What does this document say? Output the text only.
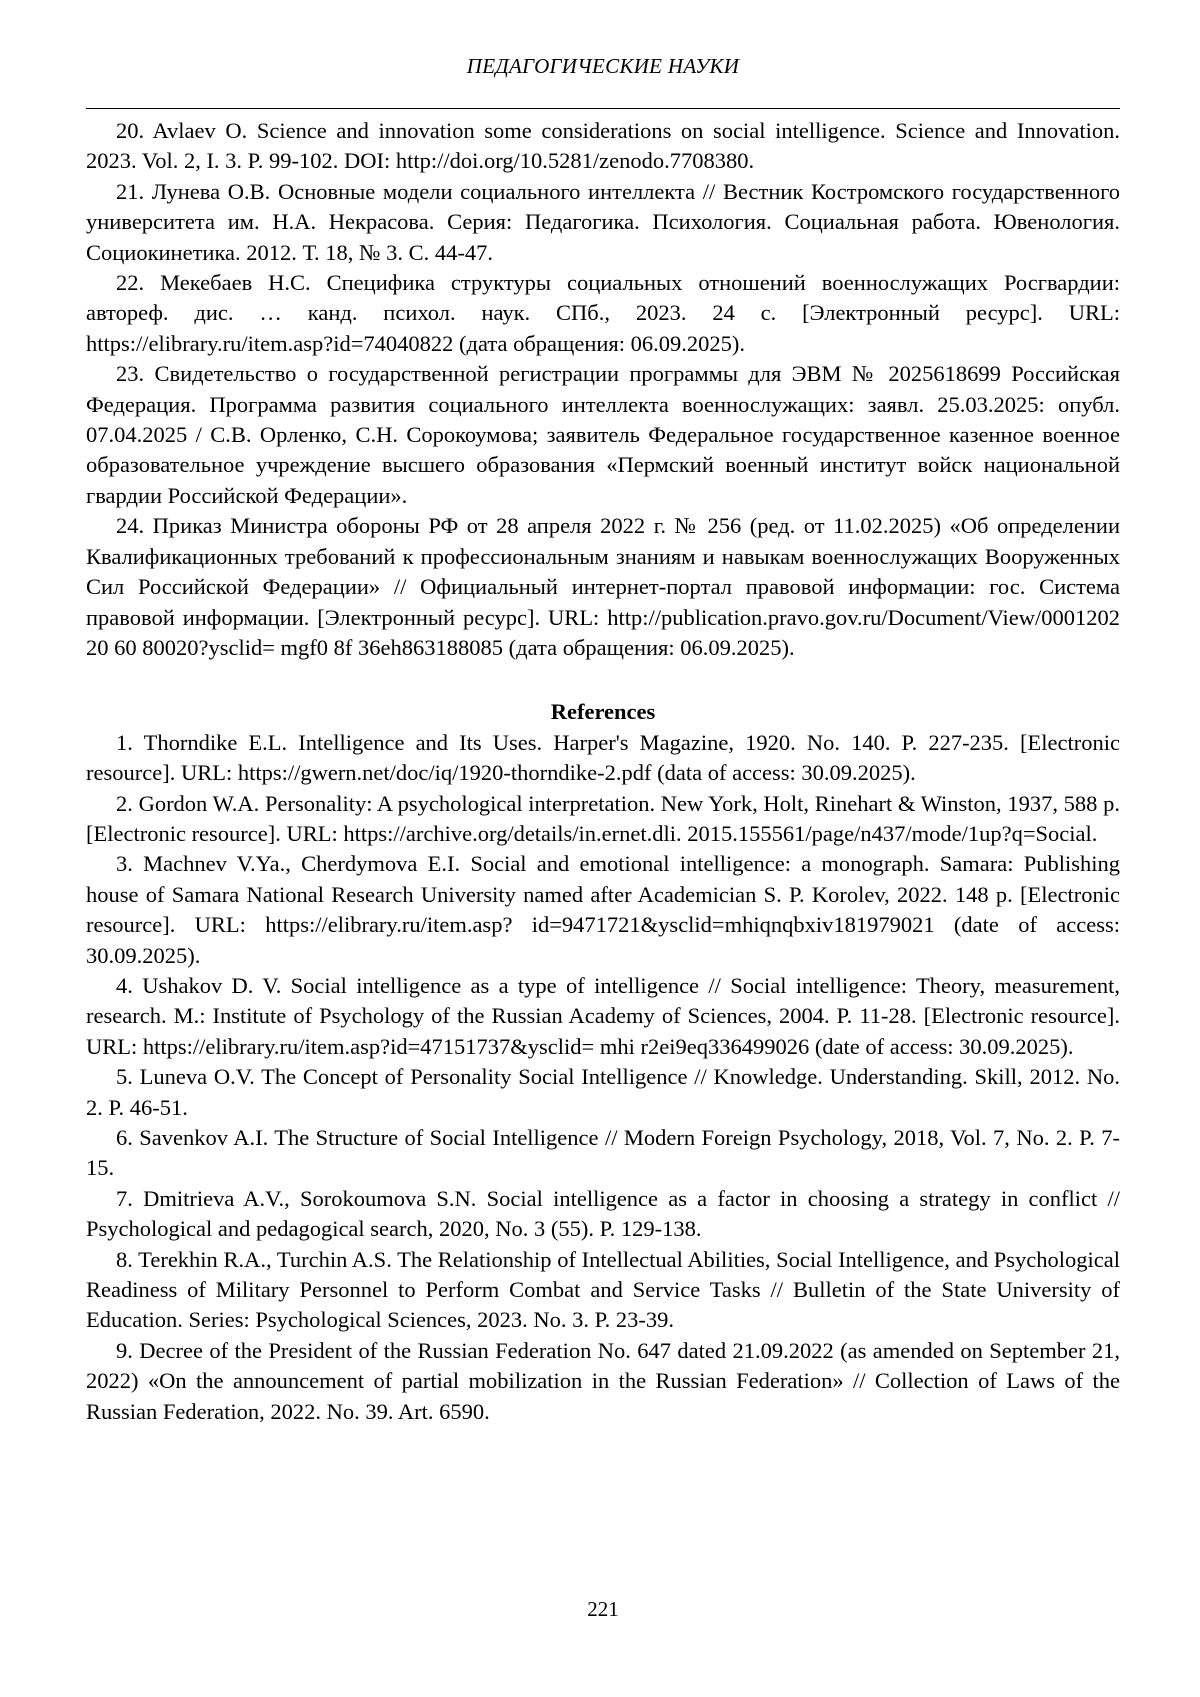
ПЕДАГОГИЧЕСКИЕ НАУКИ

20. Avlaev O. Science and innovation some considerations on social intelligence. Science and Innovation. 2023. Vol. 2, I. 3. P. 99-102. DOI: http://doi.org/10.5281/zenodo.7708380.

21. Лунева О.В. Основные модели социального интеллекта // Вестник Костромского государственного университета им. Н.А. Некрасова. Серия: Педагогика. Психология. Социальная работа. Ювенология. Социокинетика. 2012. Т. 18, № 3. С. 44-47.

22. Мекебаев Н.С. Специфика структуры социальных отношений военнослужащих Росгвардии: автореф. дис. … канд. психол. наук. СПб., 2023. 24 с. [Электронный ресурс]. URL: https://elibrary.ru/item.asp?id=74040822 (дата обращения: 06.09.2025).

23. Свидетельство о государственной регистрации программы для ЭВМ № 2025618699 Российская Федерация. Программа развития социального интеллекта военнослужащих: заявл. 25.03.2025: опубл. 07.04.2025 / С.В. Орленко, С.Н. Сорокоумова; заявитель Федеральное государственное казенное военное образовательное учреждение высшего образования «Пермский военный институт войск национальной гвардии Российской Федерации».

24. Приказ Министра обороны РФ от 28 апреля 2022 г. № 256 (ред. от 11.02.2025) «Об определении Квалификационных требований к профессиональным знаниям и навыкам военнослужащих Вооруженных Сил Российской Федерации» // Официальный интернет-портал правовой информации: гос. Система правовой информации. [Электронный ресурс]. URL: http://publication.pravo.gov.ru/Document/View/0001202 20 60 80020?ysclid= mgf0 8f 36eh863188085 (дата обращения: 06.09.2025).

References

1. Thorndike E.L. Intelligence and Its Uses. Harper's Magazine, 1920. No. 140. P. 227-235. [Electronic resource]. URL: https://gwern.net/doc/iq/1920-thorndike-2.pdf (data of access: 30.09.2025).

2. Gordon W.A. Personality: A psychological interpretation. New York, Holt, Rinehart & Winston, 1937, 588 p. [Electronic resource]. URL: https://archive.org/details/in.ernet.dli. 2015.155561/page/n437/mode/1up?q=Social.

3. Machnev V.Ya., Cherdymova E.I. Social and emotional intelligence: a monograph. Samara: Publishing house of Samara National Research University named after Academician S. P. Korolev, 2022. 148 p. [Electronic resource]. URL: https://elibrary.ru/item.asp? id=9471721&ysclid=mhiqnqbxiv181979021 (date of access: 30.09.2025).

4. Ushakov D. V. Social intelligence as a type of intelligence // Social intelligence: Theory, measurement, research. M.: Institute of Psychology of the Russian Academy of Sciences, 2004. P. 11-28. [Electronic resource]. URL: https://elibrary.ru/item.asp?id=47151737&ysclid= mhi r2ei9eq336499026 (date of access: 30.09.2025).

5. Luneva O.V. The Concept of Personality Social Intelligence // Knowledge. Understanding. Skill, 2012. No. 2. P. 46-51.

6. Savenkov A.I. The Structure of Social Intelligence // Modern Foreign Psychology, 2018, Vol. 7, No. 2. P. 7-15.

7. Dmitrieva A.V., Sorokoumova S.N. Social intelligence as a factor in choosing a strategy in conflict // Psychological and pedagogical search, 2020, No. 3 (55). P. 129-138.

8. Terekhin R.A., Turchin A.S. The Relationship of Intellectual Abilities, Social Intelligence, and Psychological Readiness of Military Personnel to Perform Combat and Service Tasks // Bulletin of the State University of Education. Series: Psychological Sciences, 2023. No. 3. P. 23-39.

9. Decree of the President of the Russian Federation No. 647 dated 21.09.2022 (as amended on September 21, 2022) «On the announcement of partial mobilization in the Russian Federation» // Collection of Laws of the Russian Federation, 2022. No. 39. Art. 6590.

221
